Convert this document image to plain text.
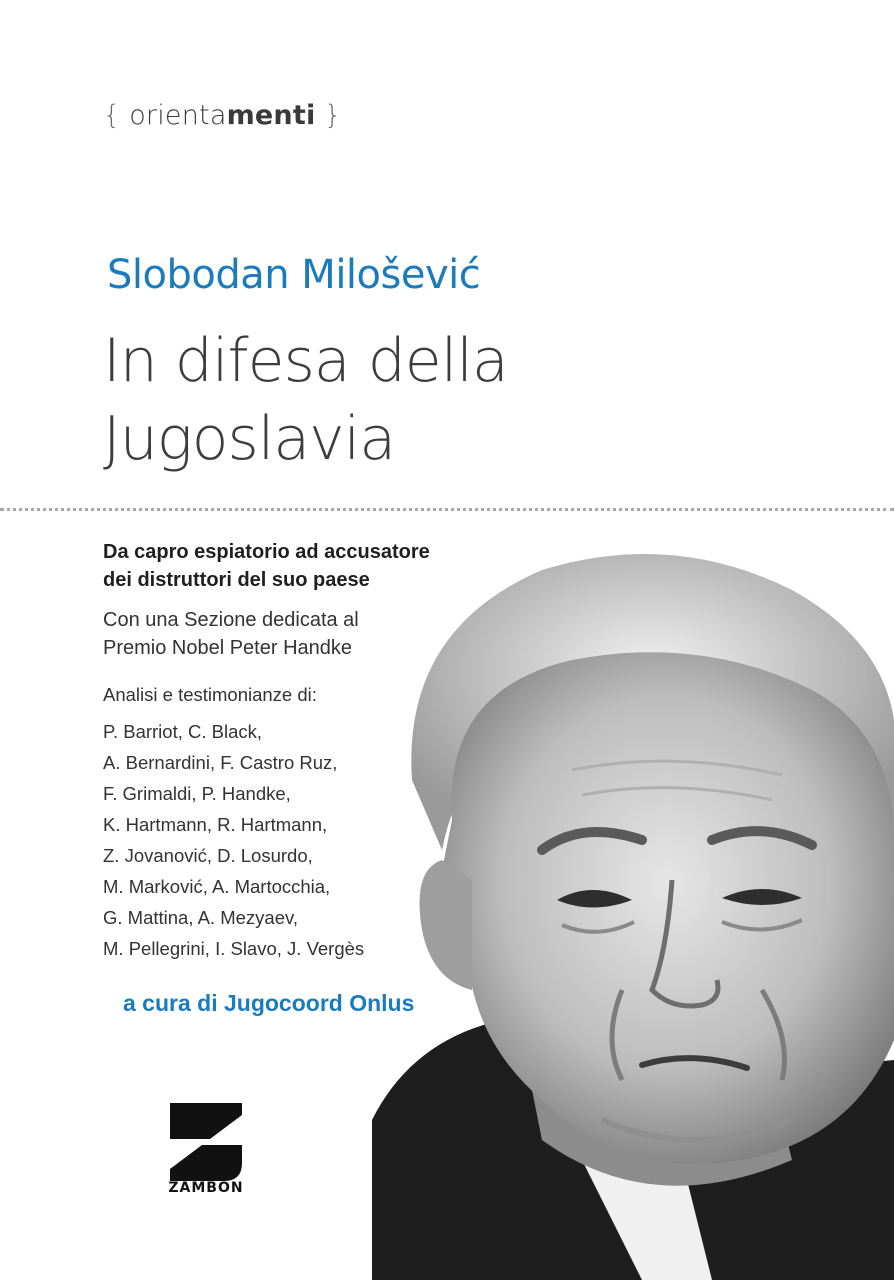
{ orientamenti }
Slobodan Milošević
In difesa della
Jugoslavia
Da capro espiatorio ad accusatore
dei distruttori del suo paese
Con una Sezione dedicata al
Premio Nobel Peter Handke
Analisi e testimonianze di:
P. Barriot, C. Black,
A. Bernardini, F. Castro Ruz,
F. Grimaldi, P. Handke,
K. Hartmann, R. Hartmann,
Z. Jovanović, D. Losurdo,
M. Marković, A. Martocchia,
G. Mattina, A. Mezyaev,
M. Pellegrini, I. Slavo, J. Vergès
a cura di Jugocoord Onlus
ZAMBON
